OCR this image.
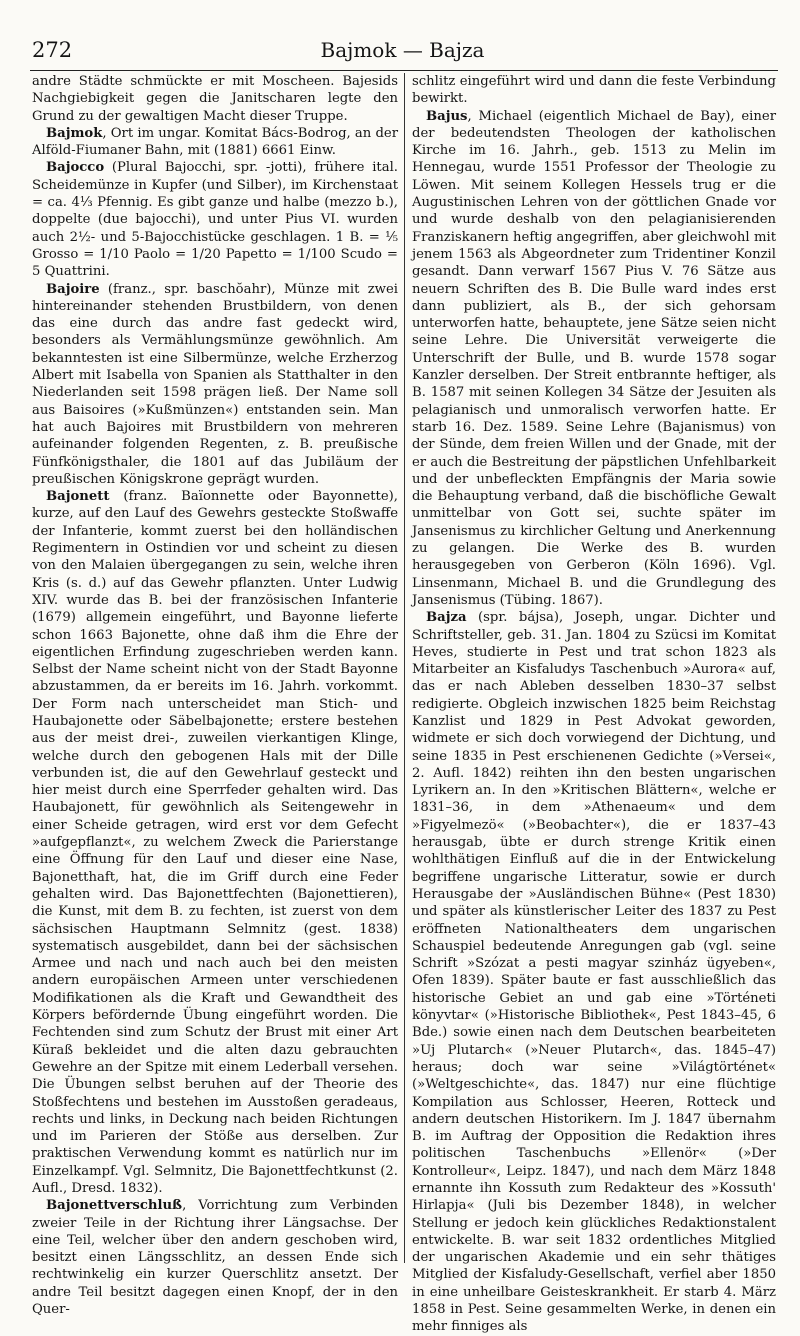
272	Bajmok — Bajza

andre Städte schmückte er mit Moscheen. Bajesids Nachgiebigkeit gegen die Janitscharen legte den Grund zu der gewaltigen Macht dieser Truppe.

Bajmok, Ort im ungar. Komitat Bács-Bodrog, an der Alföld-Fiumaner Bahn, mit (1881) 6661 Einw.

Bajocco (Plural Bajocchi, spr. -jotti), frühere ital. Scheidemünze in Kupfer (und Silber), im Kirchenstaat = ca. 4⅓ Pfennig. Es gibt ganze und halbe (mezzo b.), doppelte (due bajocchi), und unter Pius VI. wurden auch 2½- und 5-Bajocchistücke geschlagen. 1 B. = ⅕ Grosso = 1/10 Paolo = 1/20 Papetto = 1/100 Scudo = 5 Quattrini.

Bajoire (franz., spr. baschŏahr), Münze mit zwei hintereinander stehenden Brustbildern, von denen das eine durch das andre fast gedeckt wird, besonders als Vermählungsmünze gewöhnlich. Am bekanntesten ist eine Silbermünze, welche Erzherzog Albert mit Isabella von Spanien als Statthalter in den Niederlanden seit 1598 prägen ließ. Der Name soll aus Baisoires (»Kußmünzen«) entstanden sein. Man hat auch Bajoires mit Brustbildern von mehreren aufeinander folgenden Regenten, z. B. preußische Fünfkönigsthaler, die 1801 auf das Jubiläum der preußischen Königskrone geprägt wurden.

Bajonett (franz. Baïonnette oder Bayonnette), kurze, auf den Lauf des Gewehrs gesteckte Stoßwaffe der Infanterie, kommt zuerst bei den holländischen Regimentern in Ostindien vor und scheint zu diesen von den Malaien übergegangen zu sein, welche ihren Kris (s. d.) auf das Gewehr pflanzten. Unter Ludwig XIV. wurde das B. bei der französischen Infanterie (1679) allgemein eingeführt, und Bayonne lieferte schon 1663 Bajonette, ohne daß ihm die Ehre der eigentlichen Erfindung zugeschrieben werden kann. Selbst der Name scheint nicht von der Stadt Bayonne abzustammen, da er bereits im 16. Jahrh. vorkommt. Der Form nach unterscheidet man Stich- und Haubajonette oder Säbelbajonette; erstere bestehen aus der meist drei-, zuweilen vierkantigen Klinge, welche durch den gebogenen Hals mit der Dille verbunden ist, die auf den Gewehrlauf gesteckt und hier meist durch eine Sperrfeder gehalten wird. Das Haubajonett, für gewöhnlich als Seitengewehr in einer Scheide getragen, wird erst vor dem Gefecht »aufgepflanzt«, zu welchem Zweck die Parierstange eine Öffnung für den Lauf und dieser eine Nase, Bajonetthaft, hat, die im Griff durch eine Feder gehalten wird. Das Bajonettfechten (Bajonettieren), die Kunst, mit dem B. zu fechten, ist zuerst von dem sächsischen Hauptmann Selmnitz (gest. 1838) systematisch ausgebildet, dann bei der sächsischen Armee und nach und nach auch bei den meisten andern europäischen Armeen unter verschiedenen Modifikationen als die Kraft und Gewandtheit des Körpers befördernde Übung eingeführt worden. Die Fechtenden sind zum Schutz der Brust mit einer Art Küraß bekleidet und die alten dazu gebrauchten Gewehre an der Spitze mit einem Lederball versehen. Die Übungen selbst beruhen auf der Theorie des Stoßfechtens und bestehen im Ausstoßen geradeaus, rechts und links, in Deckung nach beiden Richtungen und im Parieren der Stöße aus derselben. Zur praktischen Verwendung kommt es natürlich nur im Einzelkampf. Vgl. Selmnitz, Die Bajonettfechtkunst (2. Aufl., Dresd. 1832).

Bajonettverschluß, Vorrichtung zum Verbinden zweier Teile in der Richtung ihrer Längsachse. Der eine Teil, welcher über den andern geschoben wird, besitzt einen Längsschlitz, an dessen Ende sich rechtwinkelig ein kurzer Querschlitz ansetzt. Der andre Teil besitzt dagegen einen Knopf, der in den Quer-

schlitz eingeführt wird und dann die feste Verbindung bewirkt.

Bajus, Michael (eigentlich Michael de Bay), einer der bedeutendsten Theologen der katholischen Kirche im 16. Jahrh., geb. 1513 zu Melin im Hennegau, wurde 1551 Professor der Theologie zu Löwen. Mit seinem Kollegen Hessels trug er die Augustinischen Lehren von der göttlichen Gnade vor und wurde deshalb von den pelagianisierenden Franziskanern heftig angegriffen, aber gleichwohl mit jenem 1563 als Abgeordneter zum Tridentiner Konzil gesandt. Dann verwarf 1567 Pius V. 76 Sätze aus neuern Schriften des B. Die Bulle ward indes erst dann publiziert, als B., der sich gehorsam unterworfen hatte, behauptete, jene Sätze seien nicht seine Lehre. Die Universität verweigerte die Unterschrift der Bulle, und B. wurde 1578 sogar Kanzler derselben. Der Streit entbrannte heftiger, als B. 1587 mit seinen Kollegen 34 Sätze der Jesuiten als pelagianisch und unmoralisch verworfen hatte. Er starb 16. Dez. 1589. Seine Lehre (Bajanismus) von der Sünde, dem freien Willen und der Gnade, mit der er auch die Bestreitung der päpstlichen Unfehlbarkeit und der unbefleckten Empfängnis der Maria sowie die Behauptung verband, daß die bischöfliche Gewalt unmittelbar von Gott sei, suchte später im Jansenismus zu kirchlicher Geltung und Anerkennung zu gelangen. Die Werke des B. wurden herausgegeben von Gerberon (Köln 1696). Vgl. Linsenmann, Michael B. und die Grundlegung des Jansenismus (Tübing. 1867).

Bajza (spr. bájsa), Joseph, ungar. Dichter und Schriftsteller, geb. 31. Jan. 1804 zu Szücsi im Komitat Heves, studierte in Pest und trat schon 1823 als Mitarbeiter an Kisfaludys Taschenbuch »Aurora« auf, das er nach Ableben desselben 1830–37 selbst redigierte. Obgleich inzwischen 1825 beim Reichstag Kanzlist und 1829 in Pest Advokat geworden, widmete er sich doch vorwiegend der Dichtung, und seine 1835 in Pest erschienenen Gedichte (»Versei«, 2. Aufl. 1842) reihten ihn den besten ungarischen Lyrikern an. In den »Kritischen Blättern«, welche er 1831–36, in dem »Athenaeum« und dem »Figyelmezö« (»Beobachter«), die er 1837–43 herausgab, übte er durch strenge Kritik einen wohlthätigen Einfluß auf die in der Entwickelung begriffene ungarische Litteratur, sowie er durch Herausgabe der »Ausländischen Bühne« (Pest 1830) und später als künstlerischer Leiter des 1837 zu Pest eröffneten Nationaltheaters dem ungarischen Schauspiel bedeutende Anregungen gab (vgl. seine Schrift »Szózat a pesti magyar szinház ügyeben«, Ofen 1839). Später baute er fast ausschließlich das historische Gebiet an und gab eine »Történeti könyvtar« (»Historische Bibliothek«, Pest 1843–45, 6 Bde.) sowie einen nach dem Deutschen bearbeiteten »Uj Plutarch« (»Neuer Plutarch«, das. 1845–47) heraus; doch war seine »Világtörténet« (»Weltgeschichte«, das. 1847) nur eine flüchtige Kompilation aus Schlosser, Heeren, Rotteck und andern deutschen Historikern. Im J. 1847 übernahm B. im Auftrag der Opposition die Redaktion ihres politischen Taschenbuchs »Ellenör« (»Der Kontrolleur«, Leipz. 1847), und nach dem März 1848 ernannte ihn Kossuth zum Redakteur des »Kossuth' Hirlapja« (Juli bis Dezember 1848), in welcher Stellung er jedoch kein glückliches Redaktionstalent entwickelte. B. war seit 1832 ordentliches Mitglied der ungarischen Akademie und ein sehr thätiges Mitglied der Kisfaludy-Gesellschaft, verfiel aber 1850 in eine unheilbare Geisteskrankheit. Er starb 4. März 1858 in Pest. Seine gesammelten Werke, in denen ein mehr finniges als
